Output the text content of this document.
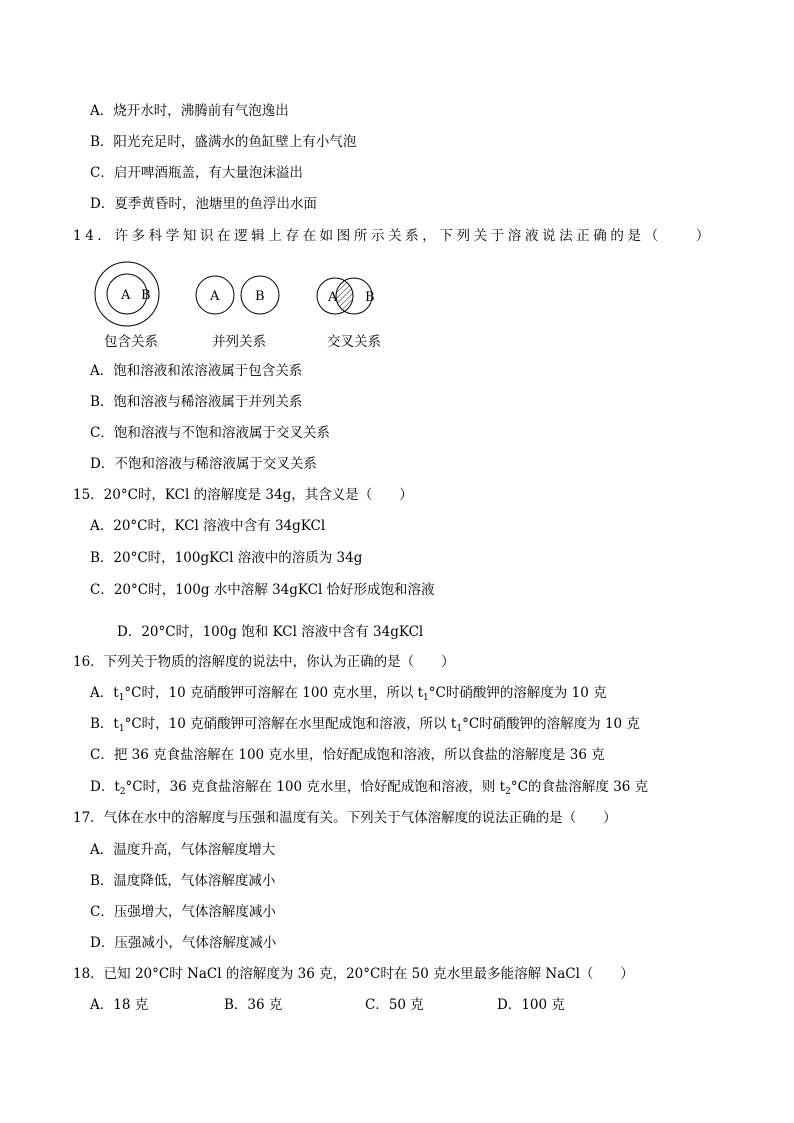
A．烧开水时，沸腾前有气泡逸出
B．阳光充足时，盛满水的鱼缸壁上有小气泡
C．启开啤酒瓶盖，有大量泡沫溢出
D．夏季黄昏时，池塘里的鱼浮出水面
14．许多科学知识在逻辑上存在如图所示关系，下列关于溶液说法正确的是（　　）
A B	A	B	A B
包含关系	并列关系	交叉关系
A．饱和溶液和浓溶液属于包含关系
B．饱和溶液与稀溶液属于并列关系
C．饱和溶液与不饱和溶液属于交叉关系
D．不饱和溶液与稀溶液属于交叉关系
15．20°C时，KCl 的溶解度是 34g，其含义是（　　）
A．20°C时，KCl 溶液中含有 34gKCl
B．20°C时，100gKCl 溶液中的溶质为 34g
C．20°C时，100g 水中溶解 34gKCl 恰好形成饱和溶液
D．20°C时，100g 饱和 KCl 溶液中含有 34gKCl
16．下列关于物质的溶解度的说法中，你认为正确的是（　　）
A．$t_1^\circ C$时，10 克硝酸钾可溶解在 100 克水里，所以 $t_1^\circ C$时硝酸钾的溶解度为 10 克
B．$t_1^\circ C$时，10 克硝酸钾可溶解在水里配成饱和溶液，所以 $t_1^\circ C$时硝酸钾的溶解度为 10 克
C．把 36 克食盐溶解在 100 克水里，恰好配成饱和溶液，所以食盐的溶解度是 36 克
D．$t_2^\circ C$时，36 克食盐溶解在 100 克水里，恰好配成饱和溶液，则 $t_2^\circ C$的食盐溶解度 36 克
17．气体在水中的溶解度与压强和温度有关。下列关于气体溶解度的说法正确的是（　　）
A．温度升高，气体溶解度增大
B．温度降低，气体溶解度减小
C．压强增大，气体溶解度减小
D．压强减小，气体溶解度减小
18．已知 20°C时 NaCl 的溶解度为 36 克，20°C时在 50 克水里最多能溶解 NaCl（　　）
A．18 克	B．36 克	C．50 克	D．100 克
